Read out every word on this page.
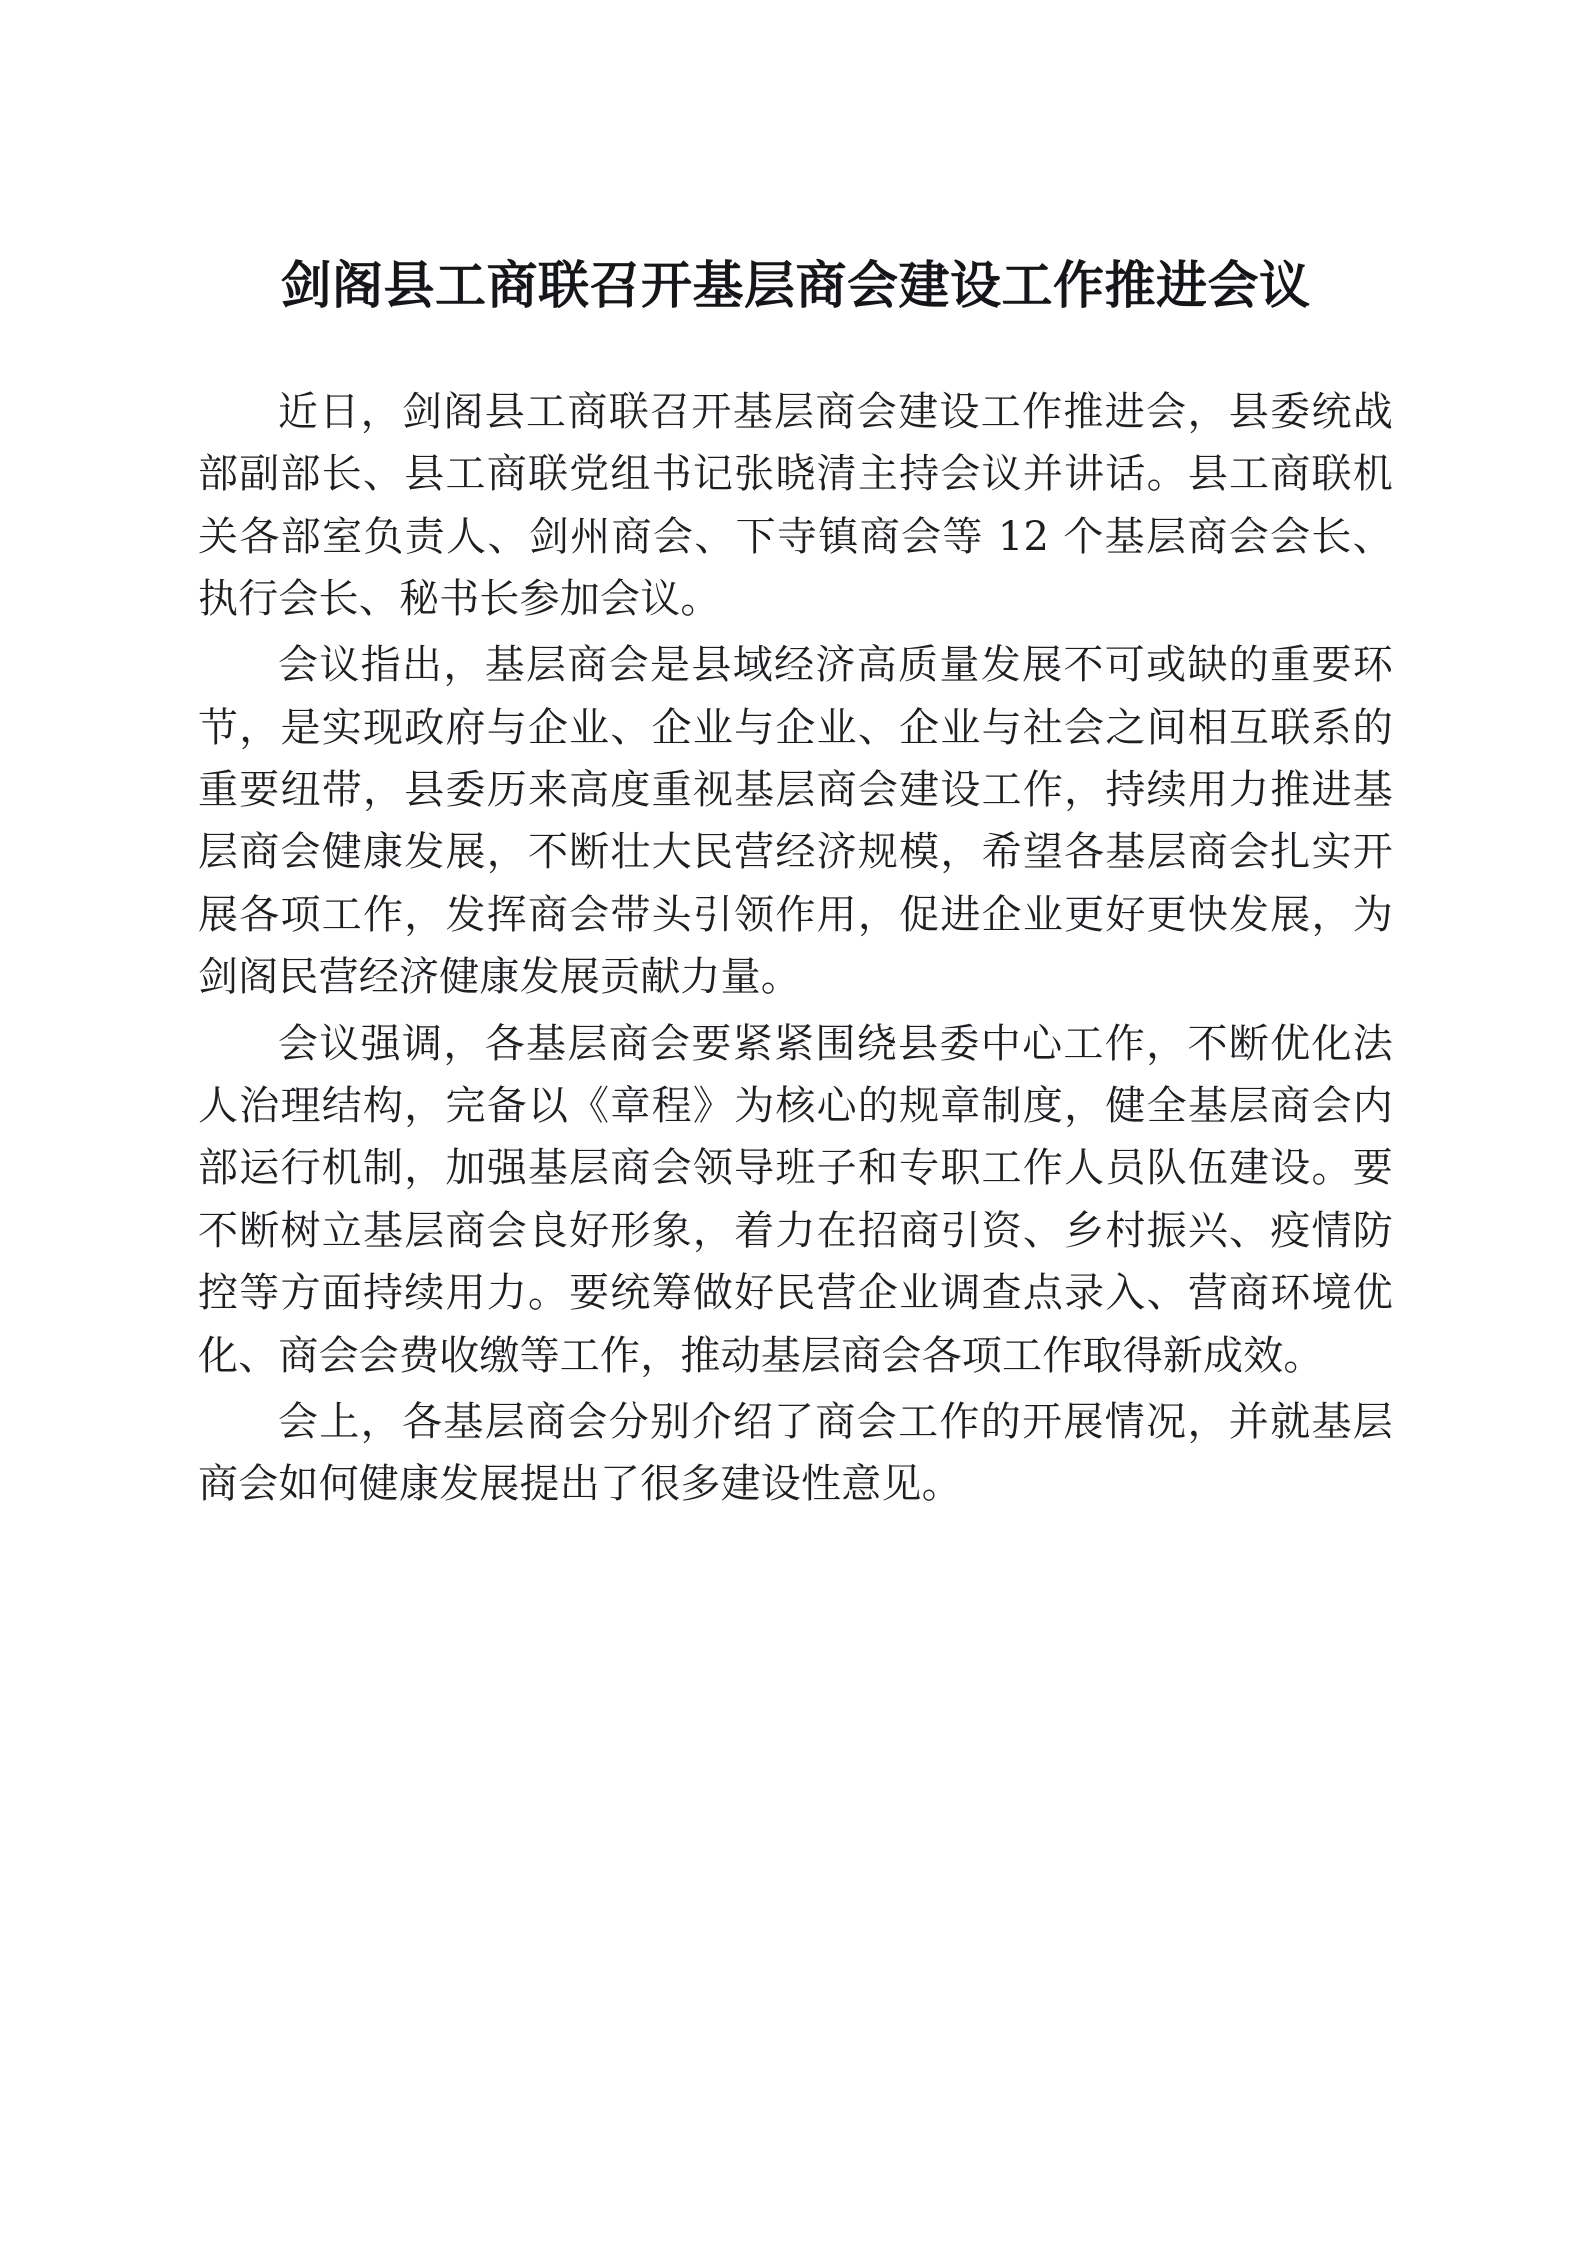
剑阁县工商联召开基层商会建设工作推进会议

近日，剑阁县工商联召开基层商会建设工作推进会，县委统战部副部长、县工商联党组书记张晓清主持会议并讲话。县工商联机关各部室负责人、剑州商会、下寺镇商会等 12 个基层商会会长、执行会长、秘书长参加会议。

会议指出，基层商会是县域经济高质量发展不可或缺的重要环节，是实现政府与企业、企业与企业、企业与社会之间相互联系的重要纽带，县委历来高度重视基层商会建设工作，持续用力推进基层商会健康发展，不断壮大民营经济规模，希望各基层商会扎实开展各项工作，发挥商会带头引领作用，促进企业更好更快发展，为剑阁民营经济健康发展贡献力量。

会议强调，各基层商会要紧紧围绕县委中心工作，不断优化法人治理结构，完备以《章程》为核心的规章制度，健全基层商会内部运行机制，加强基层商会领导班子和专职工作人员队伍建设。要不断树立基层商会良好形象，着力在招商引资、乡村振兴、疫情防控等方面持续用力。要统筹做好民营企业调查点录入、营商环境优化、商会会费收缴等工作，推动基层商会各项工作取得新成效。

会上，各基层商会分别介绍了商会工作的开展情况，并就基层商会如何健康发展提出了很多建设性意见。
